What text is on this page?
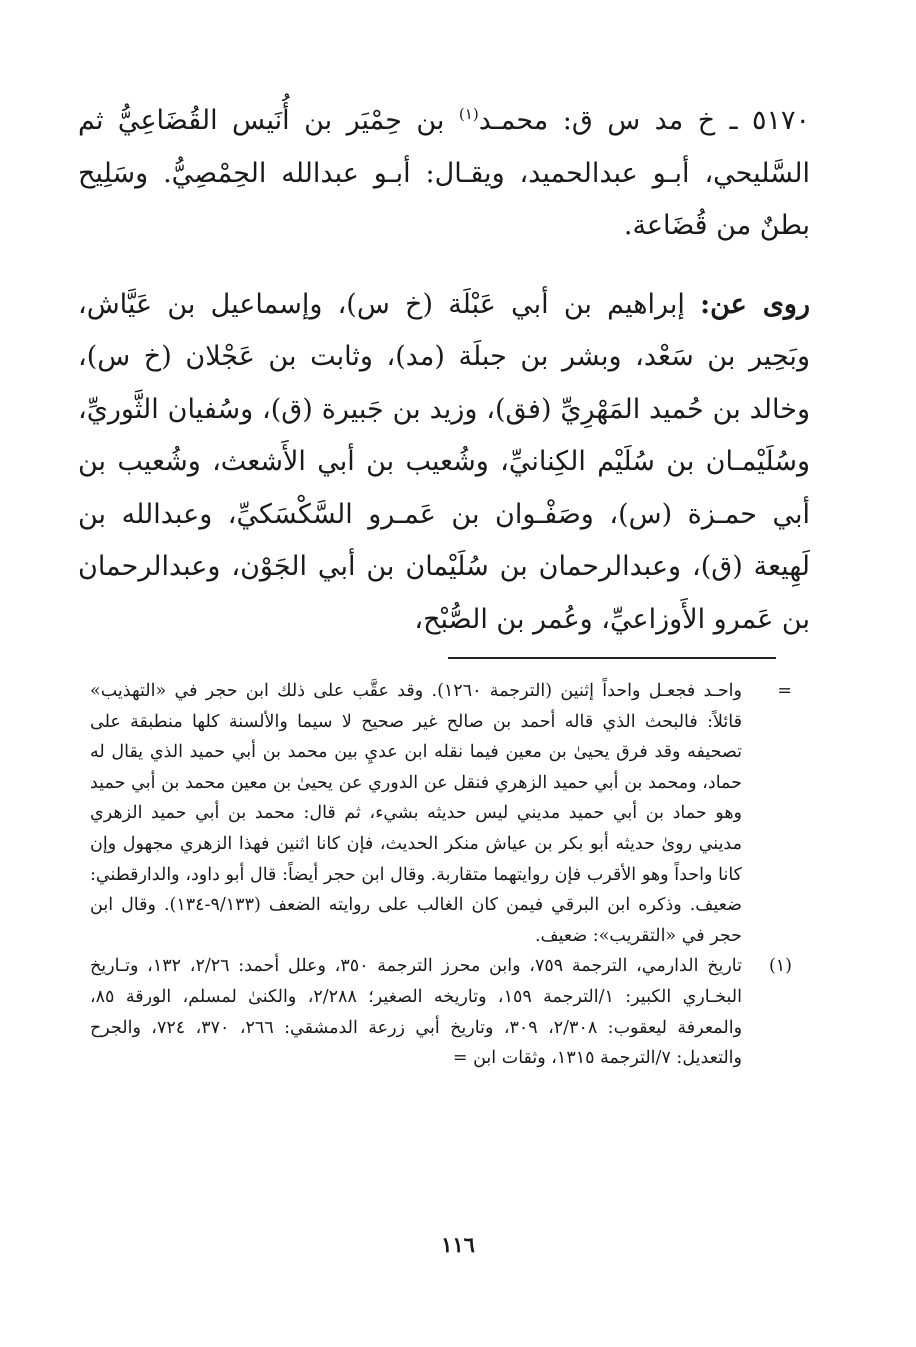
٥١٧٠ ـ خ مد س ق: محمـد$^{(١)}$ بن حِمْيَر بن أُنَيس القُضَاعِيُّ ثم السَّليحي، أبـو عبدالحميد، ويقـال: أبـو عبدالله الحِمْصِيُّ. وسَلِيح بطنٌ من قُضَاعة.

روى عن: إبراهيم بن أبي عَبْلَة (خ س)، وإسماعيل بن عَيَّاش، وبَحِير بن سَعْد، وبشر بن جبلَة (مد)، وثابت بن عَجْلان (خ س)، وخالد بن حُميد المَهْرِيِّ (فق)، وزيد بن جَبيرة (ق)، وسُفيان الثَّوريِّ، وسُلَيْمـان بن سُلَيْم الكِنانيِّ، وشُعيب بن أبي الأَشعث، وشُعيب بن أبي حمـزة (س)، وصَفْـوان بن عَمـرو السَّكْسَكيِّ، وعبدالله بن لَهِيعة (ق)، وعبدالرحمان بن سُلَيْمان بن أبي الجَوْن، وعبدالرحمان بن عَمرو الأَوزاعيِّ، وعُمر بن الصُّبْح،

=
واحـد فجعـل واحداً إثنين (الترجمة ١٢٦٠). وقد عقَّب على ذلك ابن حجر في «التهذيب» قائلاً: فالبحث الذي قاله أحمد بن صالح غير صحيح لا سيما والألسنة كلها منطبقة على تصحيفه وقد فرق يحيىٰ بن معين فيما نقله ابن عديِ بين محمد بن أبي حميد الذي يقال له حماد، ومحمد بن أبي حميد الزهري فنقل عن الدوري عن يحيىٰ بن معين محمد بن أبي حميد وهو حماد بن أبي حميد مديني ليس حديثه بشيء، ثم قال: محمد بن أبي حميد الزهري مديني روىٰ حديثه أبو بكر بن عياش منكر الحديث، فإن كانا اثنين فهذا الزهري مجهول وإن كانا واحداً وهو الأقرب فإن روايتهما متقاربة. وقال ابن حجر أيضاً: قال أبو داود، والدارقطني: ضعيف. وذكره ابن البرقي فيمن كان الغالب على روايته الضعف (٩/١٣٣-١٣٤). وقال ابن حجر في «التقريب»: ضعيف.
(١)
تاريخ الدارمي، الترجمة ٧٥٩، وابن محرز الترجمة ٣٥٠، وعلل أحمد: ٢/٢٦، ١٣٢، وتـاريخ البخـاري الكبير: ١/الترجمة ١٥٩، وتاريخه الصغير؛ ٢/٢٨٨، والكنىٰ لمسلم، الورقة ٨٥، والمعرفة ليعقوب: ٢/٣٠٨، ٣٠٩، وتاريخ أبي زرعة الدمشقي: ٢٦٦، ٣٧٠، ٧٢٤، والجرح والتعديل: ٧/الترجمة ١٣١٥، وثقات ابن =
١١٦
